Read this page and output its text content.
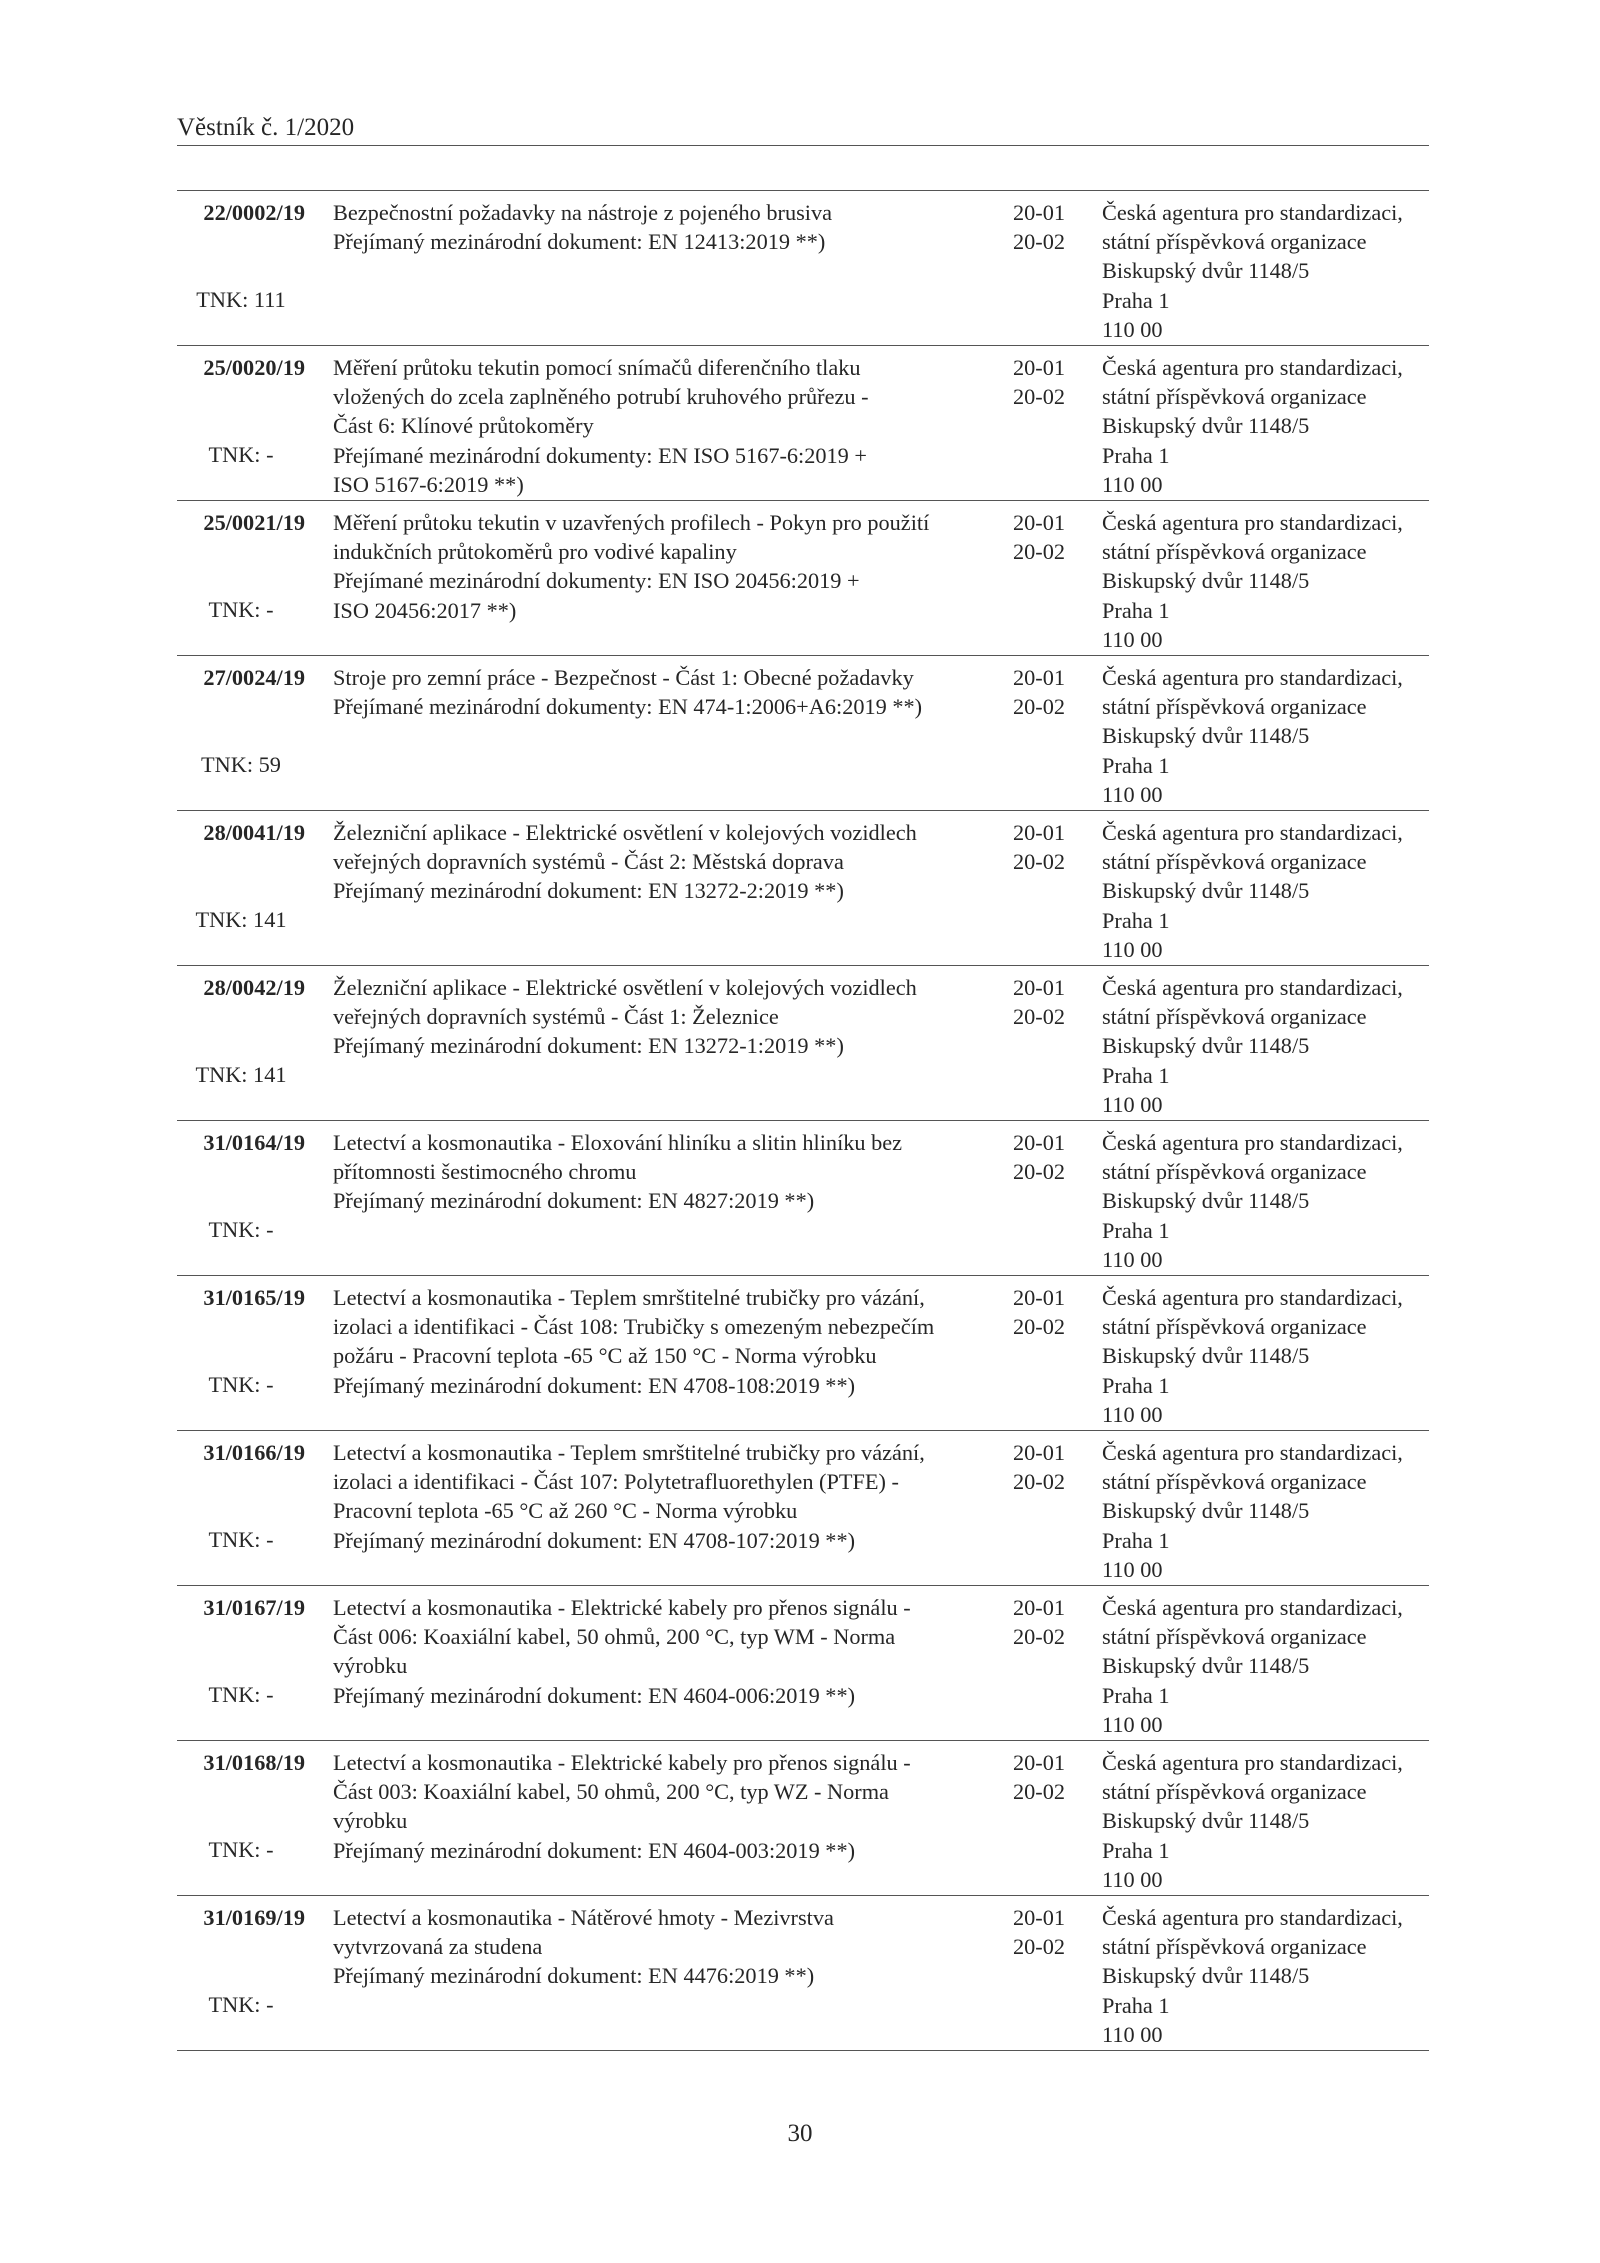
Věstník č. 1/2020
22/0002/19
TNK: 111
Bezpečnostní požadavky na nástroje z pojeného brusiva
Přejímaný mezinárodní dokument: EN 12413:2019 **)
20-01
20-02
Česká agentura pro standardizaci,
státní příspěvková organizace
Biskupský dvůr 1148/5
Praha 1
110 00
25/0020/19
TNK: -
Měření průtoku tekutin pomocí snímačů diferenčního tlaku
vložených do zcela zaplněného potrubí kruhového průřezu -
Část 6: Klínové průtokoměry
Přejímané mezinárodní dokumenty: EN ISO 5167-6:2019 +
ISO 5167-6:2019 **)
20-01
20-02
Česká agentura pro standardizaci,
státní příspěvková organizace
Biskupský dvůr 1148/5
Praha 1
110 00
25/0021/19
TNK: -
Měření průtoku tekutin v uzavřených profilech - Pokyn pro použití
indukčních průtokoměrů pro vodivé kapaliny
Přejímané mezinárodní dokumenty: EN ISO 20456:2019 +
ISO 20456:2017 **)
20-01
20-02
Česká agentura pro standardizaci,
státní příspěvková organizace
Biskupský dvůr 1148/5
Praha 1
110 00
27/0024/19
TNK: 59
Stroje pro zemní práce - Bezpečnost - Část 1: Obecné požadavky
Přejímané mezinárodní dokumenty: EN 474-1:2006+A6:2019 **)
20-01
20-02
Česká agentura pro standardizaci,
státní příspěvková organizace
Biskupský dvůr 1148/5
Praha 1
110 00
28/0041/19
TNK: 141
Železniční aplikace - Elektrické osvětlení v kolejových vozidlech
veřejných dopravních systémů - Část 2: Městská doprava
Přejímaný mezinárodní dokument: EN 13272-2:2019 **)
20-01
20-02
Česká agentura pro standardizaci,
státní příspěvková organizace
Biskupský dvůr 1148/5
Praha 1
110 00
28/0042/19
TNK: 141
Železniční aplikace - Elektrické osvětlení v kolejových vozidlech
veřejných dopravních systémů - Část 1: Železnice
Přejímaný mezinárodní dokument: EN 13272-1:2019 **)
20-01
20-02
Česká agentura pro standardizaci,
státní příspěvková organizace
Biskupský dvůr 1148/5
Praha 1
110 00
31/0164/19
TNK: -
Letectví a kosmonautika - Eloxování hliníku a slitin hliníku bez
přítomnosti šestimocného chromu
Přejímaný mezinárodní dokument: EN 4827:2019 **)
20-01
20-02
Česká agentura pro standardizaci,
státní příspěvková organizace
Biskupský dvůr 1148/5
Praha 1
110 00
31/0165/19
TNK: -
Letectví a kosmonautika - Teplem smrštitelné trubičky pro vázání,
izolaci a identifikaci - Část 108: Trubičky s omezeným nebezpečím
požáru - Pracovní teplota -65 °C až 150 °C - Norma výrobku
Přejímaný mezinárodní dokument: EN 4708-108:2019 **)
20-01
20-02
Česká agentura pro standardizaci,
státní příspěvková organizace
Biskupský dvůr 1148/5
Praha 1
110 00
31/0166/19
TNK: -
Letectví a kosmonautika - Teplem smrštitelné trubičky pro vázání,
izolaci a identifikaci - Část 107: Polytetrafluorethylen (PTFE) -
Pracovní teplota -65 °C až 260 °C - Norma výrobku
Přejímaný mezinárodní dokument: EN 4708-107:2019 **)
20-01
20-02
Česká agentura pro standardizaci,
státní příspěvková organizace
Biskupský dvůr 1148/5
Praha 1
110 00
31/0167/19
TNK: -
Letectví a kosmonautika - Elektrické kabely pro přenos signálu -
Část 006: Koaxiální kabel, 50 ohmů, 200 °C, typ WM - Norma
výrobku
Přejímaný mezinárodní dokument: EN 4604-006:2019 **)
20-01
20-02
Česká agentura pro standardizaci,
státní příspěvková organizace
Biskupský dvůr 1148/5
Praha 1
110 00
31/0168/19
TNK: -
Letectví a kosmonautika - Elektrické kabely pro přenos signálu -
Část 003: Koaxiální kabel, 50 ohmů, 200 °C, typ WZ - Norma
výrobku
Přejímaný mezinárodní dokument: EN 4604-003:2019 **)
20-01
20-02
Česká agentura pro standardizaci,
státní příspěvková organizace
Biskupský dvůr 1148/5
Praha 1
110 00
31/0169/19
TNK: -
Letectví a kosmonautika - Nátěrové hmoty - Mezivrstva
vytvrzovaná za studena
Přejímaný mezinárodní dokument: EN 4476:2019 **)
20-01
20-02
Česká agentura pro standardizaci,
státní příspěvková organizace
Biskupský dvůr 1148/5
Praha 1
110 00
30
